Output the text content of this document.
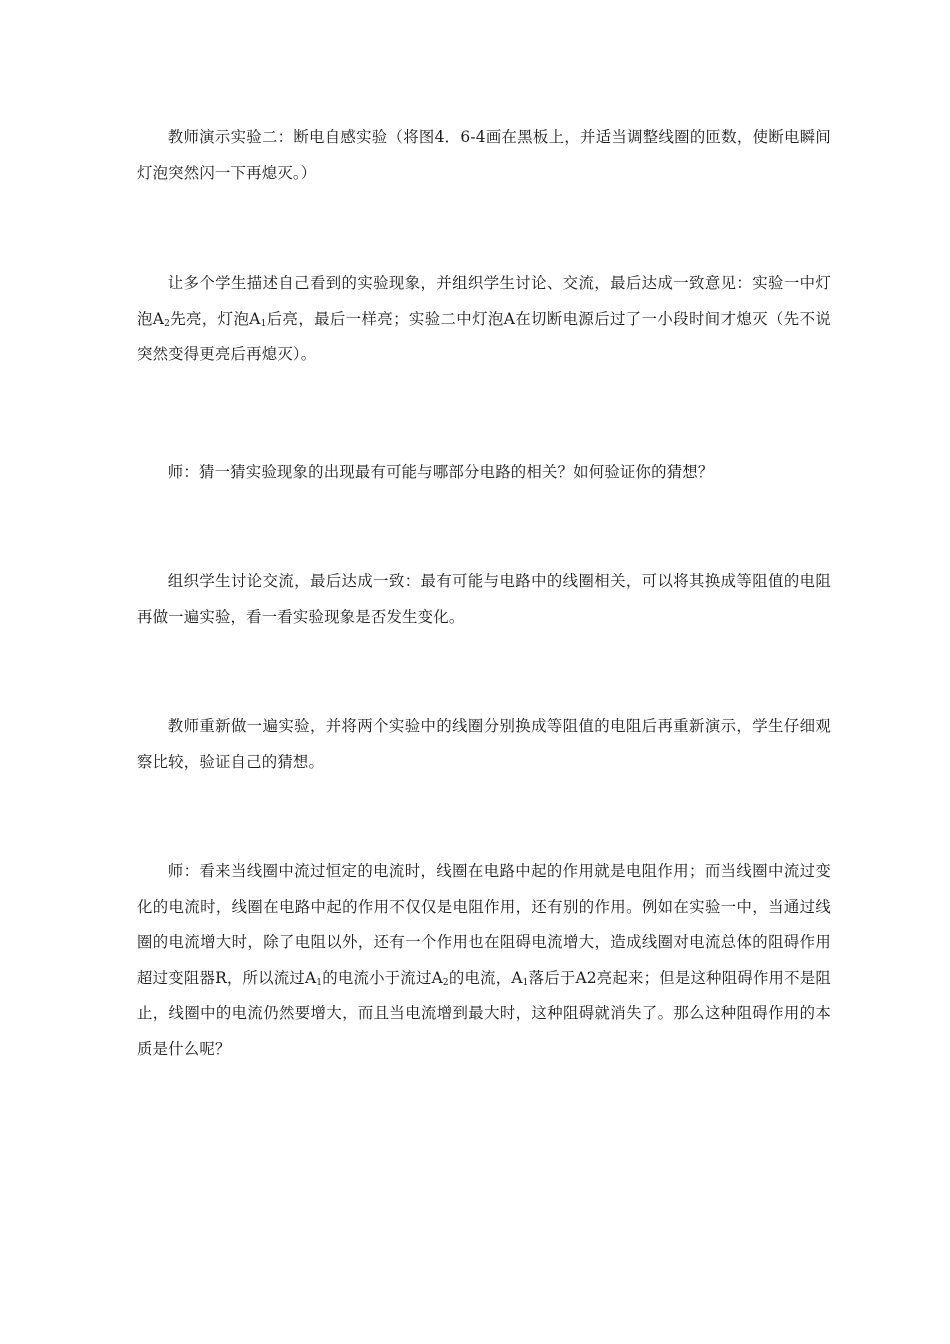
教师演示实验二：断电自感实验（将图4．6-4画在黑板上，并适当调整线圈的匝数，使断电瞬间灯泡突然闪一下再熄灭。）

让多个学生描述自己看到的实验现象，并组织学生讨论、交流，最后达成一致意见：实验一中灯泡$A_2$先亮，灯泡$A_1$后亮，最后一样亮；实验二中灯泡A在切断电源后过了一小段时间才熄灭（先不说突然变得更亮后再熄灭）。

师：猜一猜实验现象的出现最有可能与哪部分电路的相关？如何验证你的猜想？

组织学生讨论交流，最后达成一致：最有可能与电路中的线圈相关，可以将其换成等阻值的电阻再做一遍实验，看一看实验现象是否发生变化。

教师重新做一遍实验，并将两个实验中的线圈分别换成等阻值的电阻后再重新演示，学生仔细观察比较，验证自己的猜想。

师：看来当线圈中流过恒定的电流时，线圈在电路中起的作用就是电阻作用；而当线圈中流过变化的电流时，线圈在电路中起的作用不仅仅是电阻作用，还有别的作用。例如在实验一中，当通过线圈的电流增大时，除了电阻以外，还有一个作用也在阻碍电流增大，造成线圈对电流总体的阻碍作用超过变阻器R，所以流过$A_1$的电流小于流过$A_2$的电流，$A_1$落后于A2亮起来；但是这种阻碍作用不是阻止，线圈中的电流仍然要增大，而且当电流增到最大时，这种阻碍就消失了。那么这种阻碍作用的本质是什么呢？
